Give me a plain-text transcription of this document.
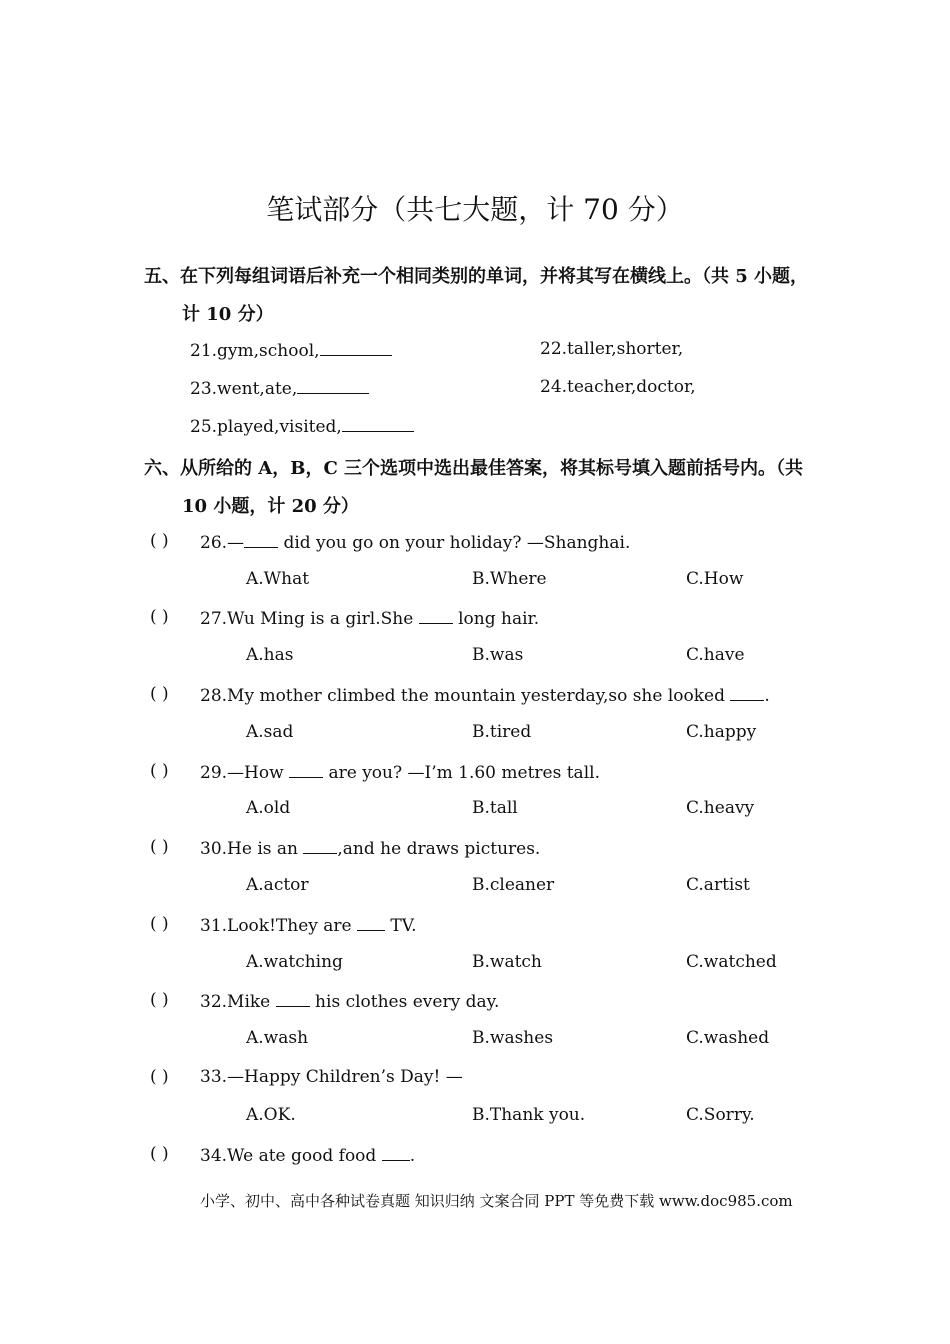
笔试部分（共七大题，计 70 分）
五、在下列每组词语后补充一个相同类别的单词，并将其写在横线上。（共 5 小题，
计 10 分）
21.gym,school,	22.taller,shorter,
23.went,ate,	24.teacher,doctor,
25.played,visited,
六、从所给的 A，B，C 三个选项中选出最佳答案，将其标号填入题前括号内。（共
10 小题，计 20 分）
( ) 26.— did you go on your holiday? —Shanghai.
A.What	B.Where	C.How
( ) 27.Wu Ming is a girl.She  long hair.
A.has	B.was	C.have
( ) 28.My mother climbed the mountain yesterday,so she looked .
A.sad	B.tired	C.happy
( ) 29.—How  are you? —I’m 1.60 metres tall.
A.old	B.tall	C.heavy
( ) 30.He is an ,and he draws pictures.
A.actor	B.cleaner	C.artist
( ) 31.Look!They are  TV.
A.watching	B.watch	C.watched
( ) 32.Mike  his clothes every day.
A.wash	B.washes	C.washed
( ) 33.—Happy Children’s Day! —
A.OK.	B.Thank you.	C.Sorry.
( ) 34.We ate good food .
小学、初中、高中各种试卷真题 知识归纳 文案合同 PPT 等免费下载 www.doc985.com
